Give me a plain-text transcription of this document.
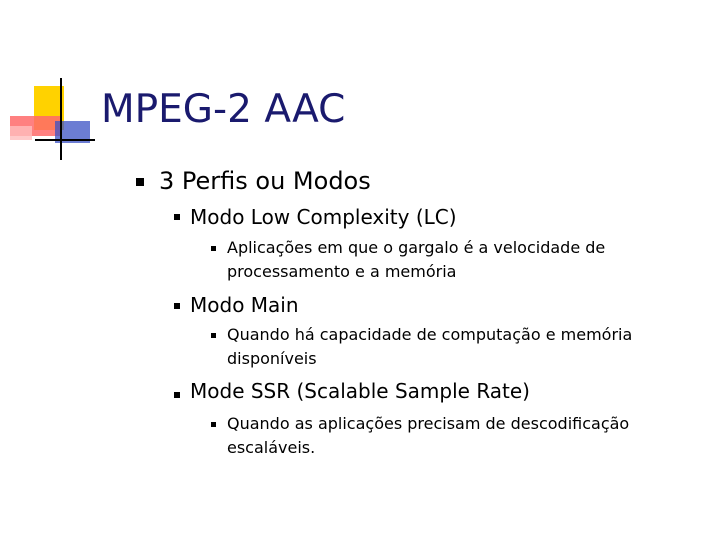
MPEG-2 AAC
3 Perfis ou Modos
Modo Low Complexity (LC)
Aplicações em que o gargalo é a velocidade de
processamento e a memória
Modo Main
Quando há capacidade de computação e memória
disponíveis
Mode SSR (Scalable Sample Rate)
Quando as aplicações precisam de descodificação
escaláveis.
